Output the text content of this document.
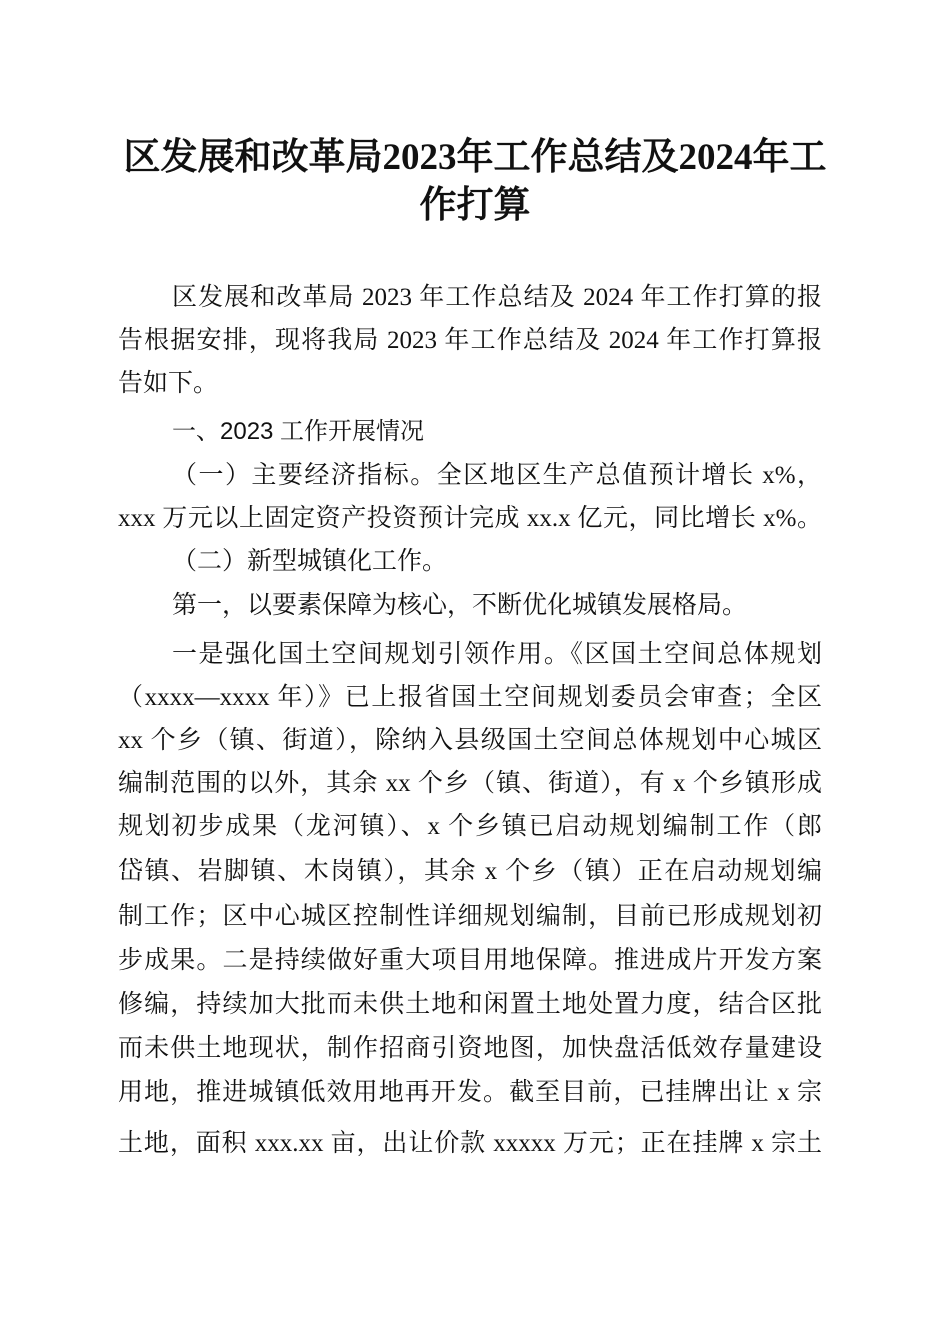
区发展和改革局2023年工作总结及2024年工
作打算
区发展和改革局 2023 年工作总结及 2024 年工作打算的报
告根据安排，现将我局 2023 年工作总结及 2024 年工作打算报
告如下。
一、2023 工作开展情况
（一）主要经济指标。全区地区生产总值预计增长 x%，
xxx 万元以上固定资产投资预计完成 xx.x 亿元，同比增长 x%。
（二）新型城镇化工作。
第一，以要素保障为核心，不断优化城镇发展格局。
一是强化国土空间规划引领作用。《区国土空间总体规划
（xxxx—xxxx 年）》已上报省国土空间规划委员会审查；全区
xx 个乡（镇、街道），除纳入县级国土空间总体规划中心城区
编制范围的以外，其余 xx 个乡（镇、街道），有 x 个乡镇形成
规划初步成果（龙河镇）、x 个乡镇已启动规划编制工作（郎
岱镇、岩脚镇、木岗镇），其余 x 个乡（镇）正在启动规划编
制工作；区中心城区控制性详细规划编制，目前已形成规划初
步成果。二是持续做好重大项目用地保障。推进成片开发方案
修编，持续加大批而未供土地和闲置土地处置力度，结合区批
而未供土地现状，制作招商引资地图，加快盘活低效存量建设
用地，推进城镇低效用地再开发。截至目前，已挂牌出让 x 宗
土地，面积 xxx.xx 亩，出让价款 xxxxx 万元；正在挂牌 x 宗土
